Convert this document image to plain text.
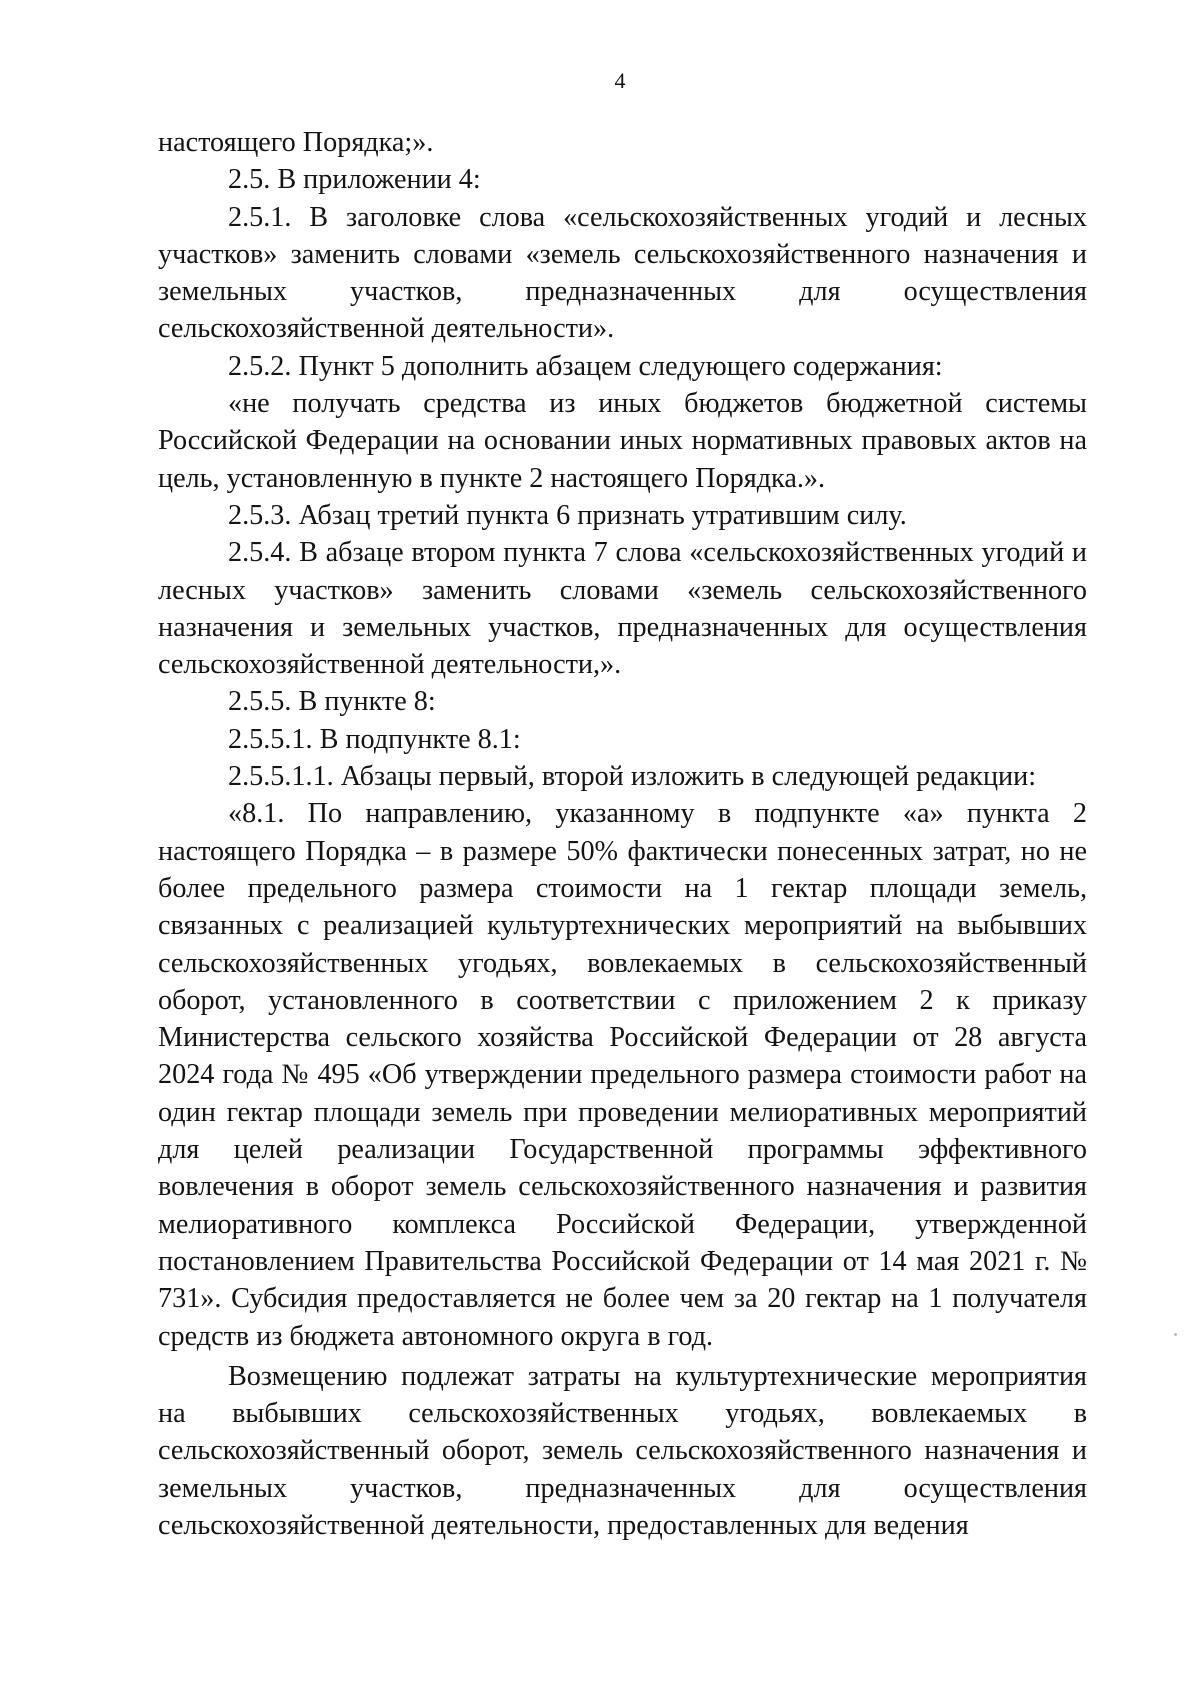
4

настоящего Порядка;».

2.5. В приложении 4:

2.5.1. В заголовке слова «сельскохозяйственных угодий и лесных участков» заменить словами «земель сельскохозяйственного назначения и земельных участков, предназначенных для осуществления сельскохозяйственной деятельности».

2.5.2. Пункт 5 дополнить абзацем следующего содержания:

«не получать средства из иных бюджетов бюджетной системы Российской Федерации на основании иных нормативных правовых актов на цель, установленную в пункте 2 настоящего Порядка.».

2.5.3. Абзац третий пункта 6 признать утратившим силу.

2.5.4. В абзаце втором пункта 7 слова «сельскохозяйственных угодий и лесных участков» заменить словами «земель сельскохозяйственного назначения и земельных участков, предназначенных для осуществления сельскохозяйственной деятельности,».

2.5.5. В пункте 8:

2.5.5.1. В подпункте 8.1:

2.5.5.1.1. Абзацы первый, второй изложить в следующей редакции:

«8.1. По направлению, указанному в подпункте «а» пункта 2 настоящего Порядка – в размере 50% фактически понесенных затрат, но не более предельного размера стоимости на 1 гектар площади земель, связанных с реализацией культуртехнических мероприятий на выбывших сельскохозяйственных угодьях, вовлекаемых в сельскохозяйственный оборот, установленного в соответствии с приложением 2 к приказу Министерства сельского хозяйства Российской Федерации от 28 августа 2024 года № 495 «Об утверждении предельного размера стоимости работ на один гектар площади земель при проведении мелиоративных мероприятий для целей реализации Государственной программы эффективного вовлечения в оборот земель сельскохозяйственного назначения и развития мелиоративного комплекса Российской Федерации, утвержденной постановлением Правительства Российской Федерации от 14 мая 2021 г. № 731». Субсидия предоставляется не более чем за 20 гектар на 1 получателя средств из бюджета автономного округа в год.

Возмещению подлежат затраты на культуртехнические мероприятия на выбывших сельскохозяйственных угодьях, вовлекаемых в сельскохозяйственный оборот, земель сельскохозяйственного назначения и земельных участков, предназначенных для осуществления сельскохозяйственной деятельности, предоставленных для ведения
